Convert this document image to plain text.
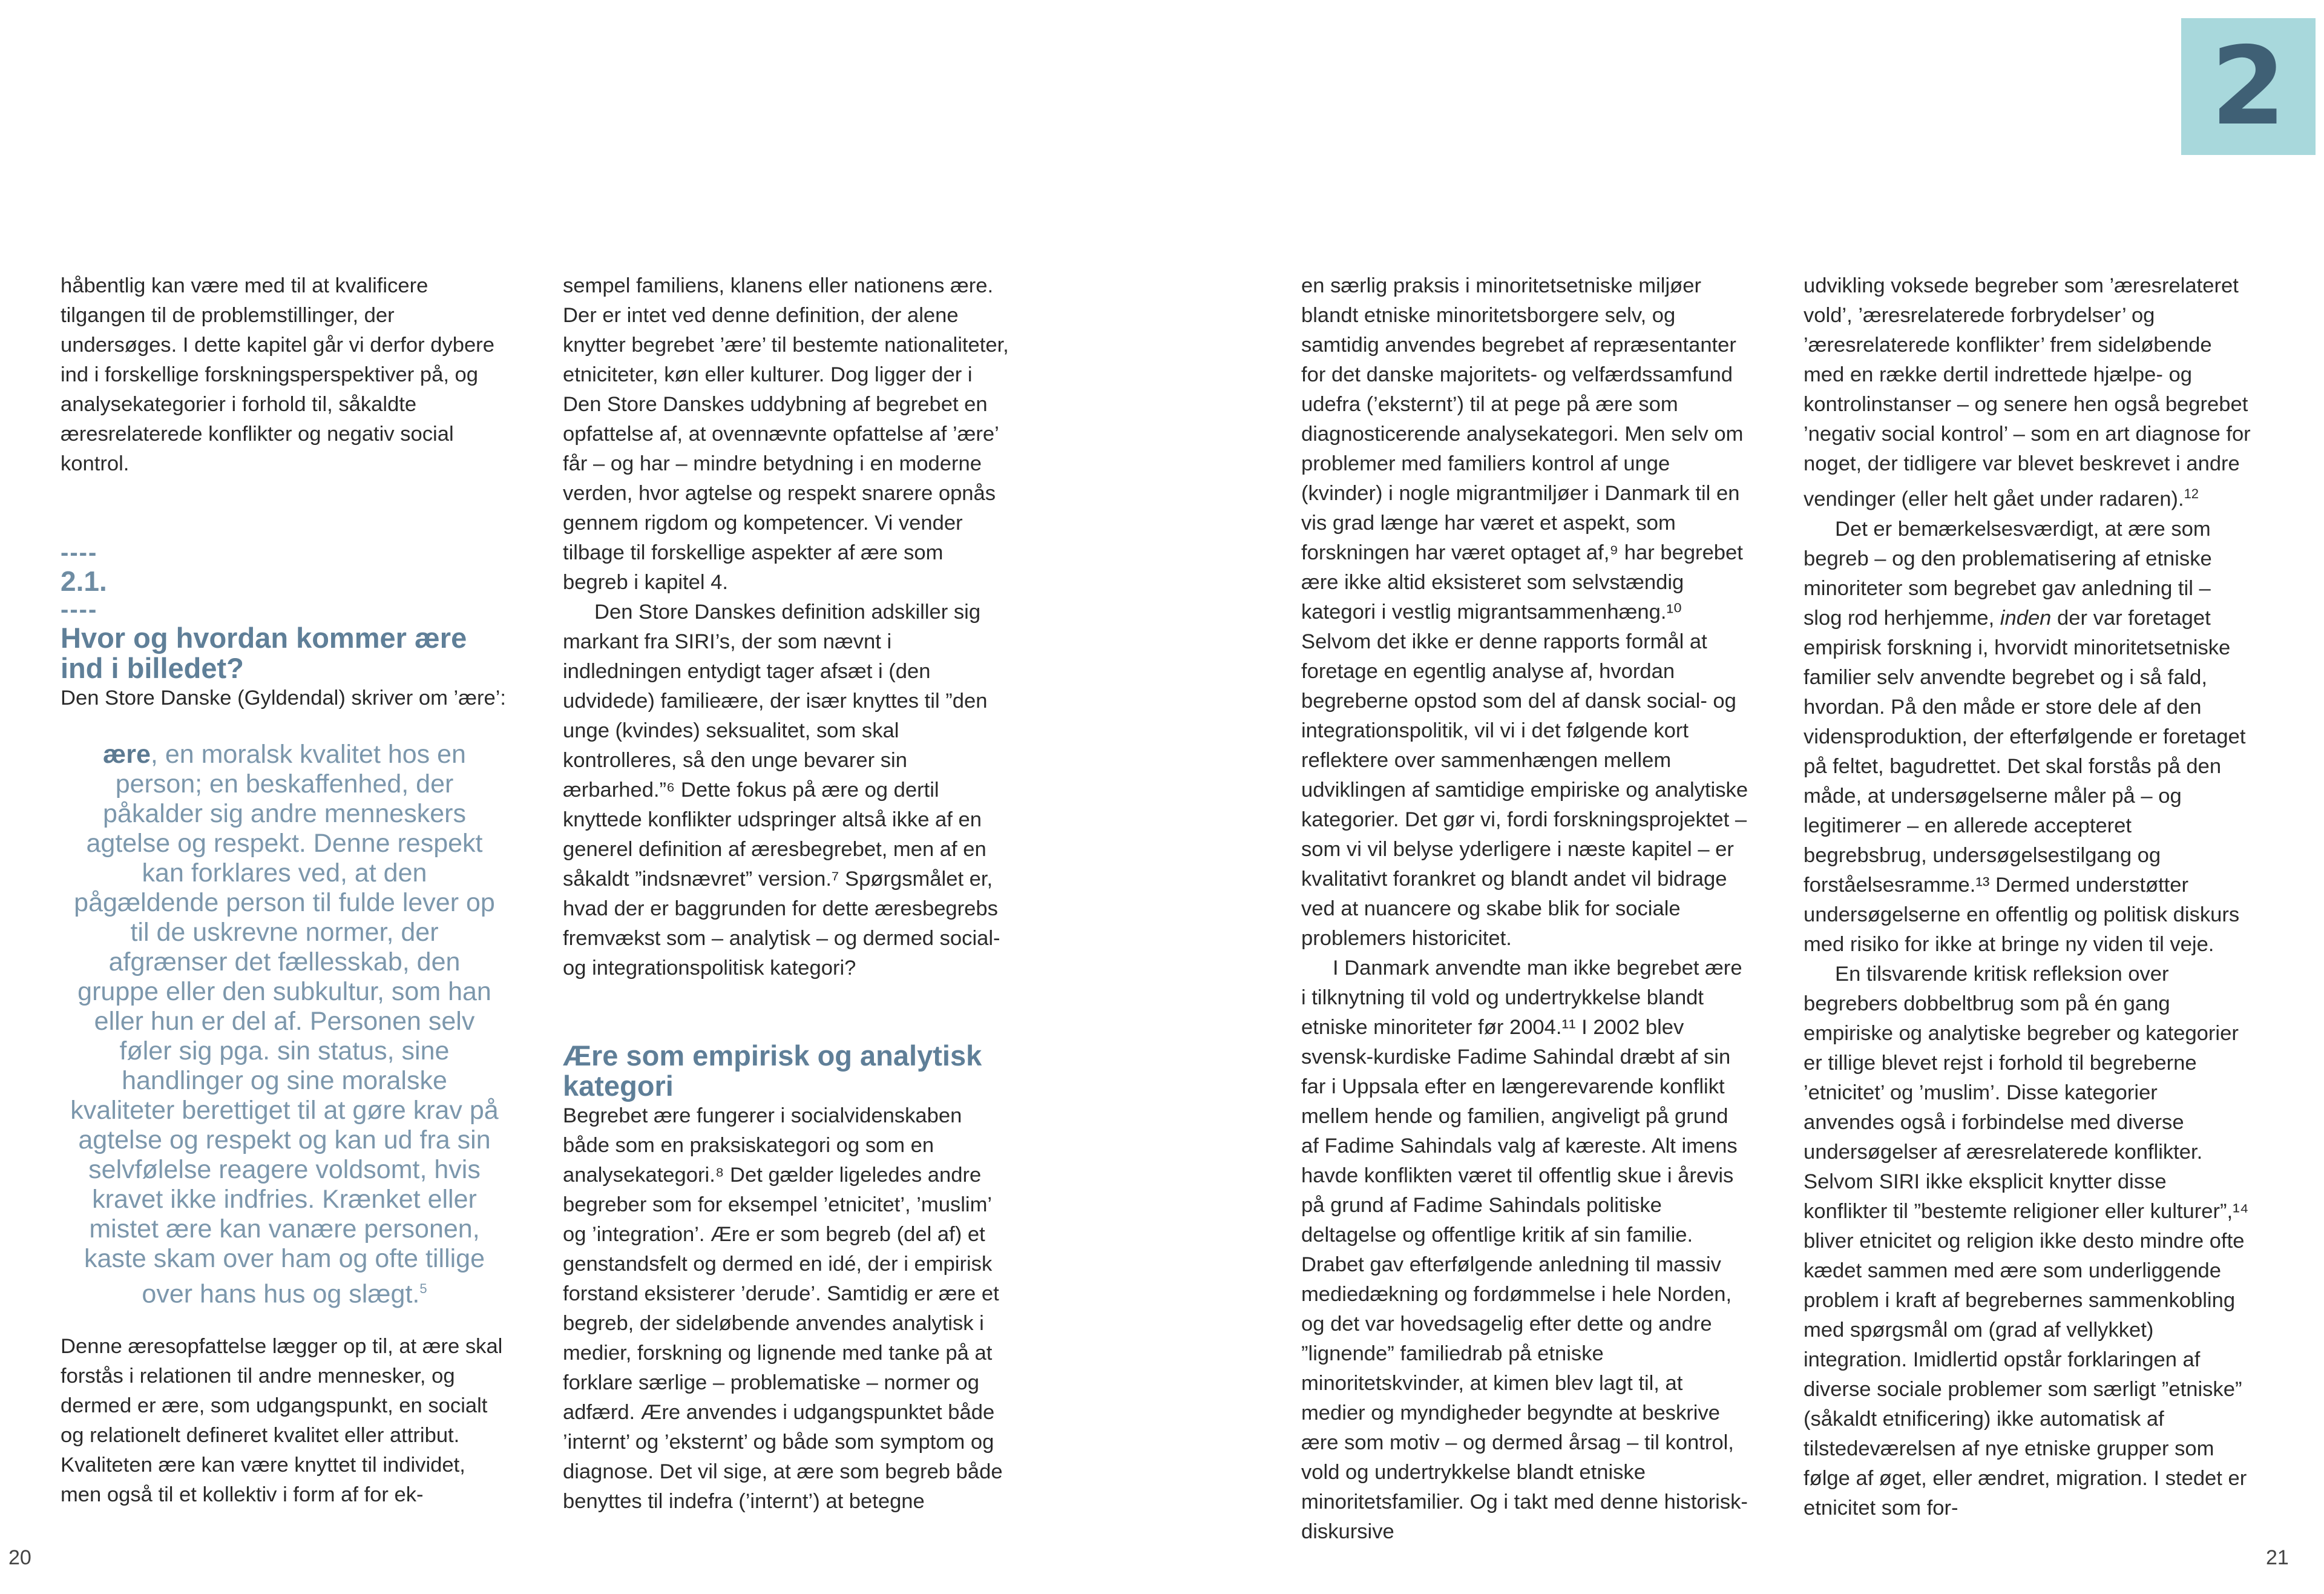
2

håbentlig kan være med til at kvalificere tilgangen til de problemstillinger, der undersøges. I dette kapitel går vi derfor dybere ind i forskellige forskningsperspektiver på, og analysekategorier i forhold til, såkaldte æresrelaterede konflikter og negativ social kontrol.

----
2.1.
----
Hvor og hvordan kommer ære ind i billedet?

Den Store Danske (Gyldendal) skriver om ’ære’:

ære, en moralsk kvalitet hos en person; en beskaffenhed, der påkalder sig andre menneskers agtelse og respekt. Denne respekt kan forklares ved, at den pågældende person til fulde lever op til de uskrevne normer, der afgrænser det fællesskab, den gruppe eller den subkultur, som han eller hun er del af. Personen selv føler sig pga. sin status, sine handlinger og sine moralske kvaliteter berettiget til at gøre krav på agtelse og respekt og kan ud fra sin selvfølelse reagere voldsomt, hvis kravet ikke indfries. Krænket eller mistet ære kan vanære personen, kaste skam over ham og ofte tillige over hans hus og slægt.$^5$

Denne æresopfattelse lægger op til, at ære skal forstås i relationen til andre mennesker, og dermed er ære, som udgangspunkt, en socialt og relationelt defineret kvalitet eller attribut. Kvaliteten ære kan være knyttet til individet, men også til et kollektiv i form af for ek-

sempel familiens, klanens eller nationens ære. Der er intet ved denne definition, der alene knytter begrebet ’ære’ til bestemte nationaliteter, etniciteter, køn eller kulturer. Dog ligger der i Den Store Danskes uddybning af begrebet en opfattelse af, at ovennævnte opfattelse af ’ære’ får – og har – mindre betydning i en moderne verden, hvor agtelse og respekt snarere opnås gennem rigdom og kompetencer. Vi vender tilbage til forskellige aspekter af ære som begreb i kapitel 4.

Den Store Danskes definition adskiller sig markant fra SIRI’s, der som nævnt i indledningen entydigt tager afsæt i (den udvidede) familieære, der især knyttes til ”den unge (kvindes) seksualitet, som skal kontrolleres, så den unge bevarer sin ærbarhed.”⁶ Dette fokus på ære og dertil knyttede konflikter udspringer altså ikke af en generel definition af æresbegrebet, men af en såkaldt ”indsnævret” version.⁷ Spørgsmålet er, hvad der er baggrunden for dette æresbegrebs fremvækst som – analytisk – og dermed social- og integrationspolitisk kategori?

Ære som empirisk og analytisk kategori

Begrebet ære fungerer i socialvidenskaben både som en praksiskategori og som en analysekategori.⁸ Det gælder ligeledes andre begreber som for eksempel ’etnicitet’, ’muslim’ og ’integration’. Ære er som begreb (del af) et genstandsfelt og dermed en idé, der i empirisk forstand eksisterer ’derude’. Samtidig er ære et begreb, der sideløbende anvendes analytisk i medier, forskning og lignende med tanke på at forklare særlige – problematiske – normer og adfærd. Ære anvendes i udgangspunktet både ’internt’ og ’eksternt’ og både som symptom og diagnose. Det vil sige, at ære som begreb både benyttes til indefra (’internt’) at betegne

en særlig praksis i minoritetsetniske miljøer blandt etniske minoritetsborgere selv, og samtidig anvendes begrebet af repræsentanter for det danske majoritets- og velfærdssamfund udefra (’eksternt’) til at pege på ære som diagnosticerende analysekategori. Men selv om problemer med familiers kontrol af unge (kvinder) i nogle migrantmiljøer i Danmark til en vis grad længe har været et aspekt, som forskningen har været optaget af,⁹ har begrebet ære ikke altid eksisteret som selvstændig kategori i vestlig migrantsammenhæng.¹⁰ Selvom det ikke er denne rapports formål at foretage en egentlig analyse af, hvordan begreberne opstod som del af dansk social- og integrationspolitik, vil vi i det følgende kort reflektere over sammenhængen mellem udviklingen af samtidige empiriske og analytiske kategorier. Det gør vi, fordi forskningsprojektet – som vi vil belyse yderligere i næste kapitel – er kvalitativt forankret og blandt andet vil bidrage ved at nuancere og skabe blik for sociale problemers historicitet.

I Danmark anvendte man ikke begrebet ære i tilknytning til vold og undertrykkelse blandt etniske minoriteter før 2004.¹¹ I 2002 blev svensk-kurdiske Fadime Sahindal dræbt af sin far i Uppsala efter en længerevarende konflikt mellem hende og familien, angiveligt på grund af Fadime Sahindals valg af kæreste. Alt imens havde konflikten været til offentlig skue i årevis på grund af Fadime Sahindals politiske deltagelse og offentlige kritik af sin familie. Drabet gav efterfølgende anledning til massiv mediedækning og fordømmelse i hele Norden, og det var hovedsagelig efter dette og andre ”lignende” familiedrab på etniske minoritetskvinder, at kimen blev lagt til, at medier og myndigheder begyndte at beskrive ære som motiv – og dermed årsag – til kontrol, vold og undertrykkelse blandt etniske minoritetsfamilier. Og i takt med denne historisk-diskursive

udvikling voksede begreber som ’æresrelateret vold’, ’æresrelaterede forbrydelser’ og ’æresrelaterede konflikter’ frem sideløbende med en række dertil indrettede hjælpe- og kontrolinstanser – og senere hen også begrebet ’negativ social kontrol’ – som en art diagnose for noget, der tidligere var blevet beskrevet i andre vendinger (eller helt gået under radaren).$^{12}$

Det er bemærkelsesværdigt, at ære som begreb – og den problematisering af etniske minoriteter som begrebet gav anledning til – slog rod herhjemme, inden der var foretaget empirisk forskning i, hvorvidt minoritetsetniske familier selv anvendte begrebet og i så fald, hvordan. På den måde er store dele af den vidensproduktion, der efterfølgende er foretaget på feltet, bagudrettet. Det skal forstås på den måde, at undersøgelserne måler på – og legitimerer – en allerede accepteret begrebsbrug, undersøgelsestilgang og forståelsesramme.¹³ Dermed understøtter undersøgelserne en offentlig og politisk diskurs med risiko for ikke at bringe ny viden til veje.

En tilsvarende kritisk refleksion over begrebers dobbeltbrug som på én gang empiriske og analytiske begreber og kategorier er tillige blevet rejst i forhold til begreberne ’etnicitet’ og ’muslim’. Disse kategorier anvendes også i forbindelse med diverse undersøgelser af æresrelaterede konflikter. Selvom SIRI ikke eksplicit knytter disse konflikter til ”bestemte religioner eller kulturer”,¹⁴ bliver etnicitet og religion ikke desto mindre ofte kædet sammen med ære som underliggende problem i kraft af begrebernes sammenkobling med spørgsmål om (grad af vellykket) integration. Imidlertid opstår forklaringen af diverse sociale problemer som særligt ”etniske” (såkaldt etnificering) ikke automatisk af tilstedeværelsen af nye etniske grupper som følge af øget, eller ændret, migration. I stedet er etnicitet som for-

20	21
